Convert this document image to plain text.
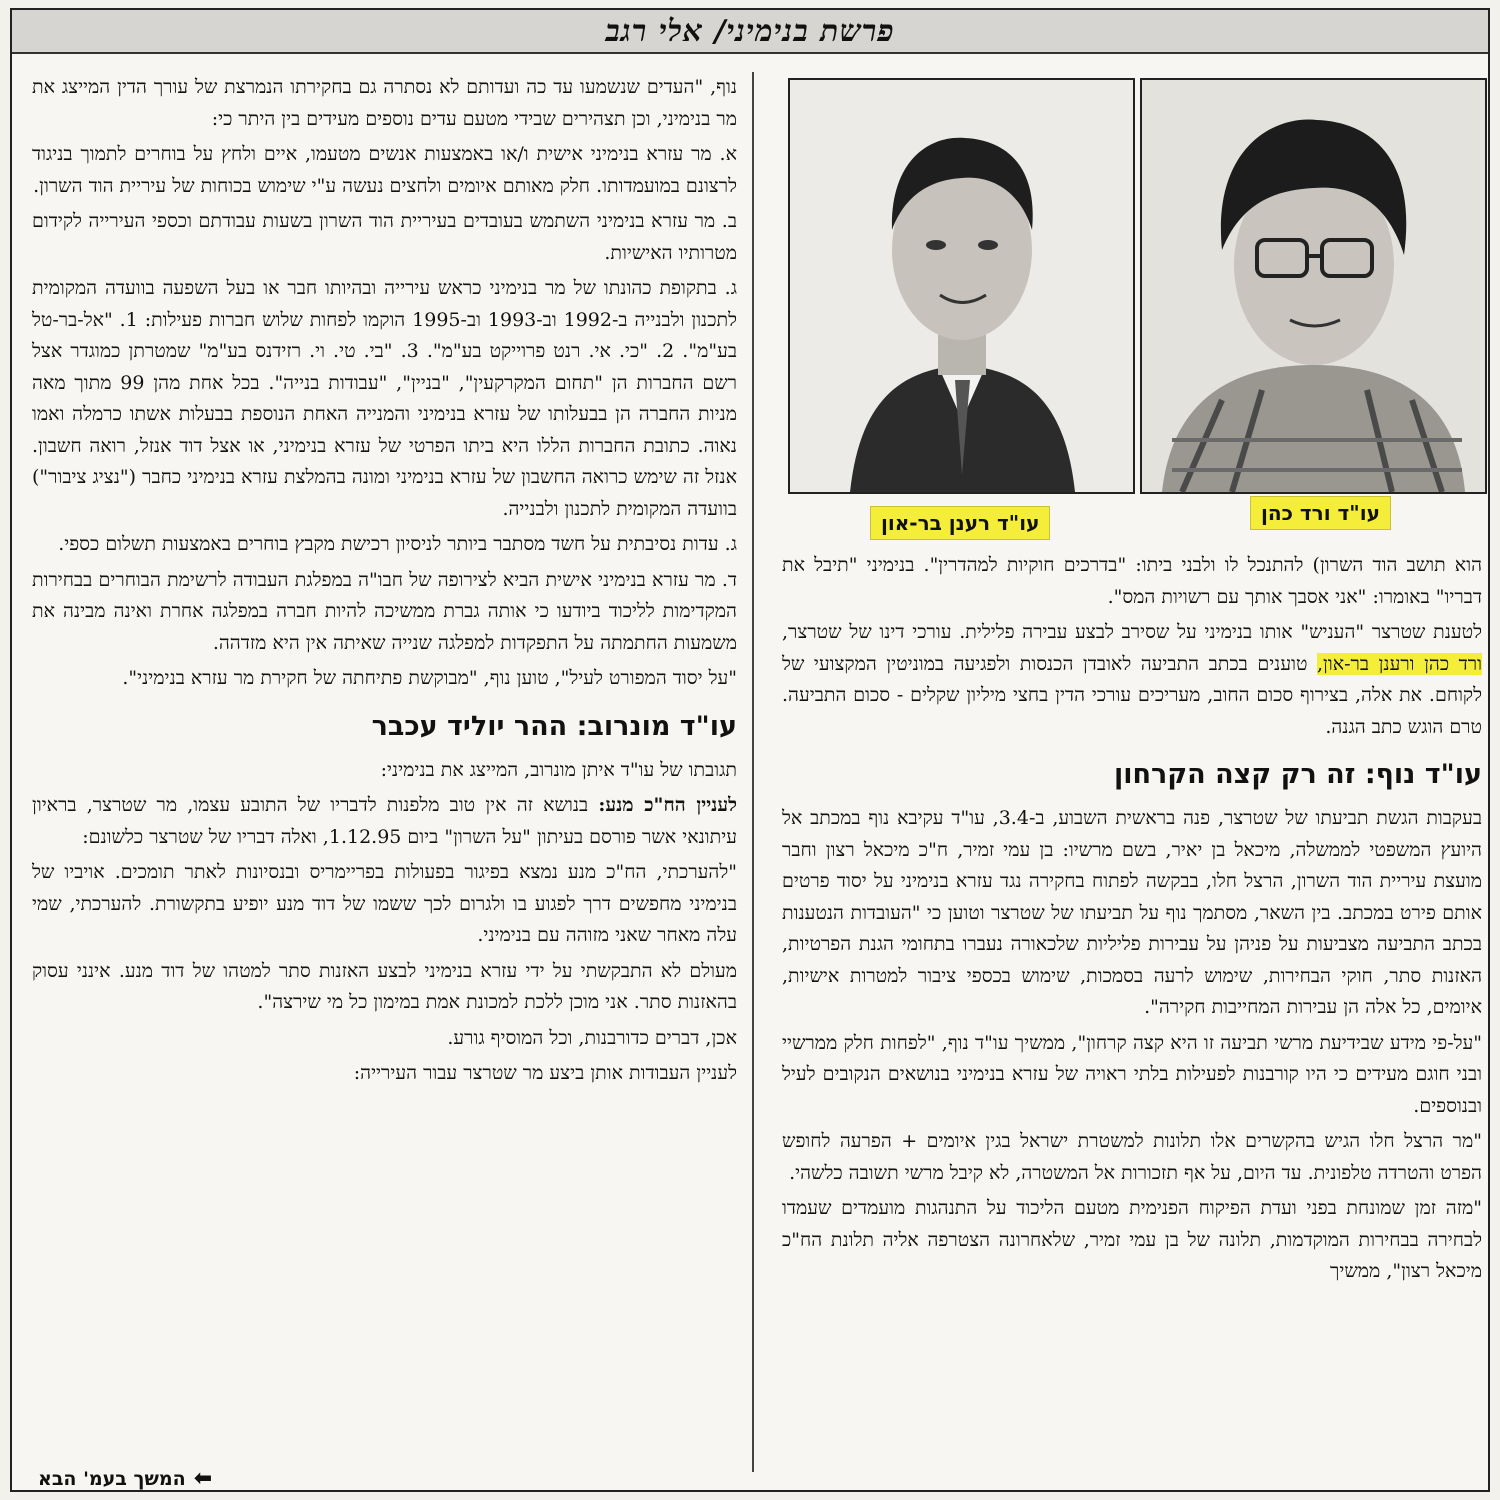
פרשת בנימיני/ אלי רגב
עו"ד רענן בר-און	עו"ד ורד כהן

נוף, "העדים שנשמעו עד כה ועדותם לא נסתרה גם בחקירתו הנמרצת של עורך הדין המייצג את מר בנימיני, וכן תצהירים שבידי מטעם עדים נוספים מעידים בין היתר כי:

א. מר עזרא בנימיני אישית ו/או באמצעות אנשים מטעמו, איים ולחץ על בוחרים לתמוך בניגוד לרצונם במועמדותו. חלק מאותם איומים ולחצים נעשה ע"י שימוש בכוחות של עיריית הוד השרון.

ב. מר עזרא בנימיני השתמש בעובדים בעיריית הוד השרון בשעות עבודתם וכספי העירייה לקידום מטרותיו האישיות.

ג. בתקופת כהונתו של מר בנימיני כראש עירייה ובהיותו חבר או בעל השפעה בוועדה המקומית לתכנון ולבנייה ב-1992 וב-1993 וב-1995 הוקמו לפחות שלוש חברות פעילות: 1. "אל-בר-טל בע"מ". 2. "כי. אי. רנט פרוייקט בע"מ". 3. "בי. טי. וי. רזידנס בע"מ" שמטרתן כמוגדר אצל רשם החברות הן "תחום המקרקעין", "בניין", "עבודות בנייה". בכל אחת מהן 99 מתוך מאה מניות החברה הן בבעלותו של עזרא בנימיני והמנייה האחת הנוספת בבעלות אשתו כרמלה ואמו נאוה. כתובת החברות הללו היא ביתו הפרטי של עזרא בנימיני, או אצל דוד אנזל, רואה חשבון. אנזל זה שימש כרואה החשבון של עזרא בנימיני ומונה בהמלצת עזרא בנימיני כחבר ("נציג ציבור") בוועדה המקומית לתכנון ולבנייה.

ג. עדות נסיבתית על חשד מסתבר ביותר לניסיון רכישת מקבץ בוחרים באמצעות תשלום כספי.

ד. מר עזרא בנימיני אישית הביא לצירופה של חבו"ה במפלגת העבודה לרשימת הבוחרים בבחירות המקדימות לליכוד ביודעו כי אותה גברת ממשיכה להיות חברה במפלגה אחרת ואינה מבינה את משמעות החתמתה על התפקדות למפלגה שנייה שאיתה אין היא מזדהה.

"על יסוד המפורט לעיל", טוען נוף, "מבוקשת פתיחתה של חקירת מר עזרא בנימיני".

עו"ד מונרוב: ההר יוליד עכבר

תגובתו של עו"ד איתן מונרוב, המייצג את בנימיני:

לעניין הח"כ מנע: בנושא זה אין טוב מלפנות לדבריו של התובע עצמו, מר שטרצר, בראיון עיתונאי אשר פורסם בעיתון "על השרון" ביום 1.12.95, ואלה דבריו של שטרצר כלשונם:

"להערכתי, הח"כ מנע נמצא בפיגור בפעולות בפריימריס ובנסיונות לאתר תומכים. אויביו של בנימיני מחפשים דרך לפגוע בו ולגרום לכך ששמו של דוד מנע יופיע בתקשורת. להערכתי, שמי עלה מאחר שאני מזוהה עם בנימיני.

מעולם לא התבקשתי על ידי עזרא בנימיני לבצע האזנות סתר למטהו של דוד מנע. אינני עסוק בהאזנות סתר. אני מוכן ללכת למכונת אמת במימון כל מי שירצה".

אכן, דברים כדורבנות, וכל המוסיף גורע.

לעניין העבודות אותן ביצע מר שטרצר עבור העירייה:

הוא תושב הוד השרון) להתנכל לו ולבני ביתו: "בדרכים חוקיות למהדרין". בנימיני "תיבל את דבריו" באומרו: "אני אסבך אותך עם רשויות המס".

לטענת שטרצר "העניש" אותו בנימיני על שסירב לבצע עבירה פלילית. עורכי דינו של שטרצר, ורד כהן ורענן בר-און, טוענים בכתב התביעה לאובדן הכנסות ולפגיעה במוניטין המקצועי של לקוחם. את אלה, בצירוף סכום החוב, מעריכים עורכי הדין בחצי מיליון שקלים - סכום התביעה. טרם הוגש כתב הגנה.

עו"ד נוף: זה רק קצה הקרחון

בעקבות הגשת תביעתו של שטרצר, פנה בראשית השבוע, ב-3.4, עו"ד עקיבא נוף במכתב אל היועץ המשפטי לממשלה, מיכאל בן יאיר, בשם מרשיו: בן עמי זמיר, ח"כ מיכאל רצון וחבר מועצת עיריית הוד השרון, הרצל חלו, בבקשה לפתוח בחקירה נגד עזרא בנימיני על יסוד פרטים אותם פירט במכתב. בין השאר, מסתמך נוף על תביעתו של שטרצר וטוען כי "העובדות הנטענות בכתב התביעה מצביעות על פניהן על עבירות פליליות שלכאורה נעברו בתחומי הגנת הפרטיות, האזנות סתר, חוקי הבחירות, שימוש לרעה בסמכות, שימוש בכספי ציבור למטרות אישיות, איומים, כל אלה הן עבירות המחייבות חקירה".

"על-פי מידע שבידיעת מרשי תביעה זו היא קצה קרחון", ממשיך עו"ד נוף, "לפחות חלק ממרשיי ובני חוגם מעידים כי היו קורבנות לפעילות בלתי ראויה של עזרא בנימיני בנושאים הנקובים לעיל ובנוספים.

"מר הרצל חלו הגיש בהקשרים אלו תלונות למשטרת ישראל בגין איומים + הפרעה לחופש הפרט והטרדה טלפונית. עד היום, על אף תזכורות אל המשטרה, לא קיבל מרשי תשובה כלשהי.

"מזה זמן שמונחת בפני ועדת הפיקוח הפנימית מטעם הליכוד על התנהגות מועמדים שעמדו לבחירה בבחירות המוקדמות, תלונה של בן עמי זמיר, שלאחרונה הצטרפה אליה תלונת הח"כ מיכאל רצון", ממשיך

⬅
המשך בעמ' הבא
